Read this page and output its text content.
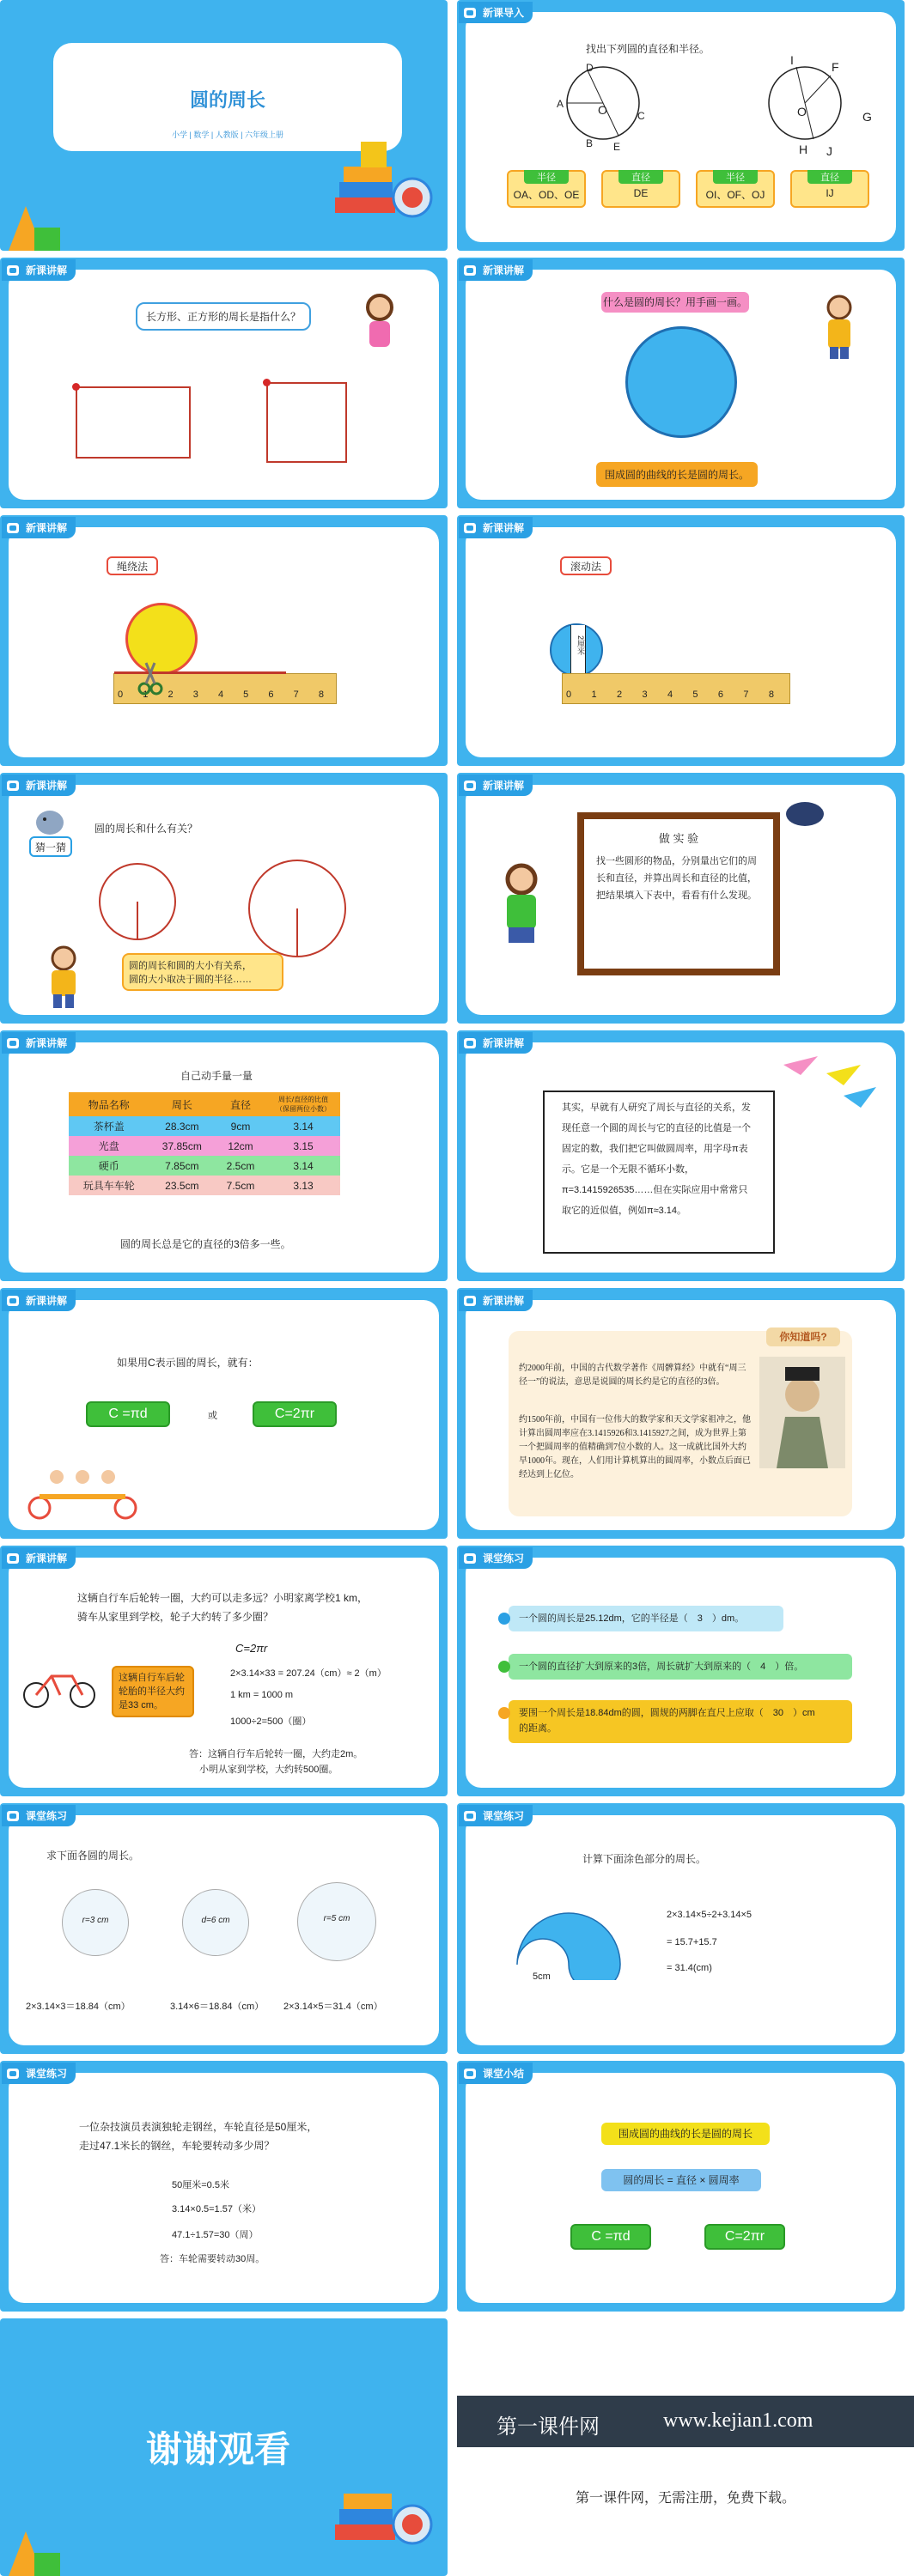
圆的周长
小学 | 数学 | 人教版 | 六年级上册
新课导入
找出下列圆的直径和半径。
D
A	O	C
B E
I	F
O	G
H J
半径
OA、OD、OE
直径
DE
半径
OI、OF、OJ
直径
IJ
新课讲解
长方形、正方形的周长是指什么？
新课讲解
什么是圆的周长？用手画一画。
围成圆的曲线的长是圆的周长。
新课讲解
绳绕法
0 1 2 3 4 5 6 7 8
新课讲解
滚动法
2厘米
0 1 2 3 4 5 6 7 8
新课讲解
猜一猜
圆的周长和什么有关？
圆的周长和圆的大小有关系，
圆的大小取决于圆的半径……
新课讲解
做 实 验
找一些圆形的物品，分别量出它们的周长和直径，并算出周长和直径的比值，把结果填入下表中，看看有什么发现。
新课讲解
自己动手量一量
物品名称	周长	直径	周长/直径的比值（保留两位小数）
茶杯盖	28.3cm	9cm	3.14
光盘	37.85cm	12cm	3.15
硬币	7.85cm	2.5cm	3.14
玩具车车轮	23.5cm	7.5cm	3.13
圆的周长总是它的直径的3倍多一些。
新课讲解
其实，早就有人研究了周长与直径的关系，发现任意一个圆的周长与它的直径的比值是一个固定的数，我们把它叫做圆周率，用字母π表示。它是一个无限不循环小数，π=3.1415926535……但在实际应用中常常只取它的近似值，例如π≈3.14。
新课讲解
如果用C表示圆的周长，就有：
C =πd	或	C=2πr
新课讲解
你知道吗?
约2000年前，中国的古代数学著作《周髀算经》中就有“周三径一”的说法，意思是说圆的周长约是它的直径的3倍。
约1500年前，中国有一位伟大的数学家和天文学家祖冲之，他计算出圆周率应在3.1415926和3.1415927之间，成为世界上第一个把圆周率的值精确到7位小数的人。这一成就比国外大约早1000年。现在，人们用计算机算出的圆周率，小数点后面已经达到上亿位。
新课讲解
这辆自行车后轮转一圈，大约可以走多远？小明家离学校1 km，
骑车从家里到学校，轮子大约转了多少圈？
这辆自行车后轮轮胎的半径大约是33 cm。
C=2πr
2×3.14×33 = 207.24（cm）≈ 2（m）
1 km = 1000 m
1000÷2=500（圈）
答：这辆自行车后轮转一圈，大约走2m。
小明从家到学校，大约转500圈。
课堂练习
一个圆的周长是25.12dm，它的半径是（　3　）dm。
一个圆的直径扩大到原来的3倍，周长就扩大到原来的（　4　）倍。
要围一个周长是18.84dm的圆，圆规的两脚在直尺上应取（　30　）cm
的距离。
课堂练习
求下面各圆的周长。
r=3 cm	d=6 cm	r=5 cm
2×3.14×3＝18.84（cm）	3.14×6＝18.84（cm） 2×3.14×5＝31.4（cm）
课堂练习
计算下面涂色部分的周长。
5cm
2×3.14×5÷2+3.14×5
= 15.7+15.7
= 31.4(cm)
课堂练习
一位杂技演员表演独轮走钢丝，车轮直径是50厘米，
走过47.1米长的钢丝，车轮要转动多少周？
50厘米=0.5米
3.14×0.5=1.57（米）
47.1÷1.57=30（周）
答：车轮需要转动30周。
课堂小结
围成圆的曲线的长是圆的周长
圆的周长 = 直径 × 圆周率
C =πd	C=2πr
谢谢观看
第一课件网	www.kejian1.com
第一课件网，无需注册，免费下载。
